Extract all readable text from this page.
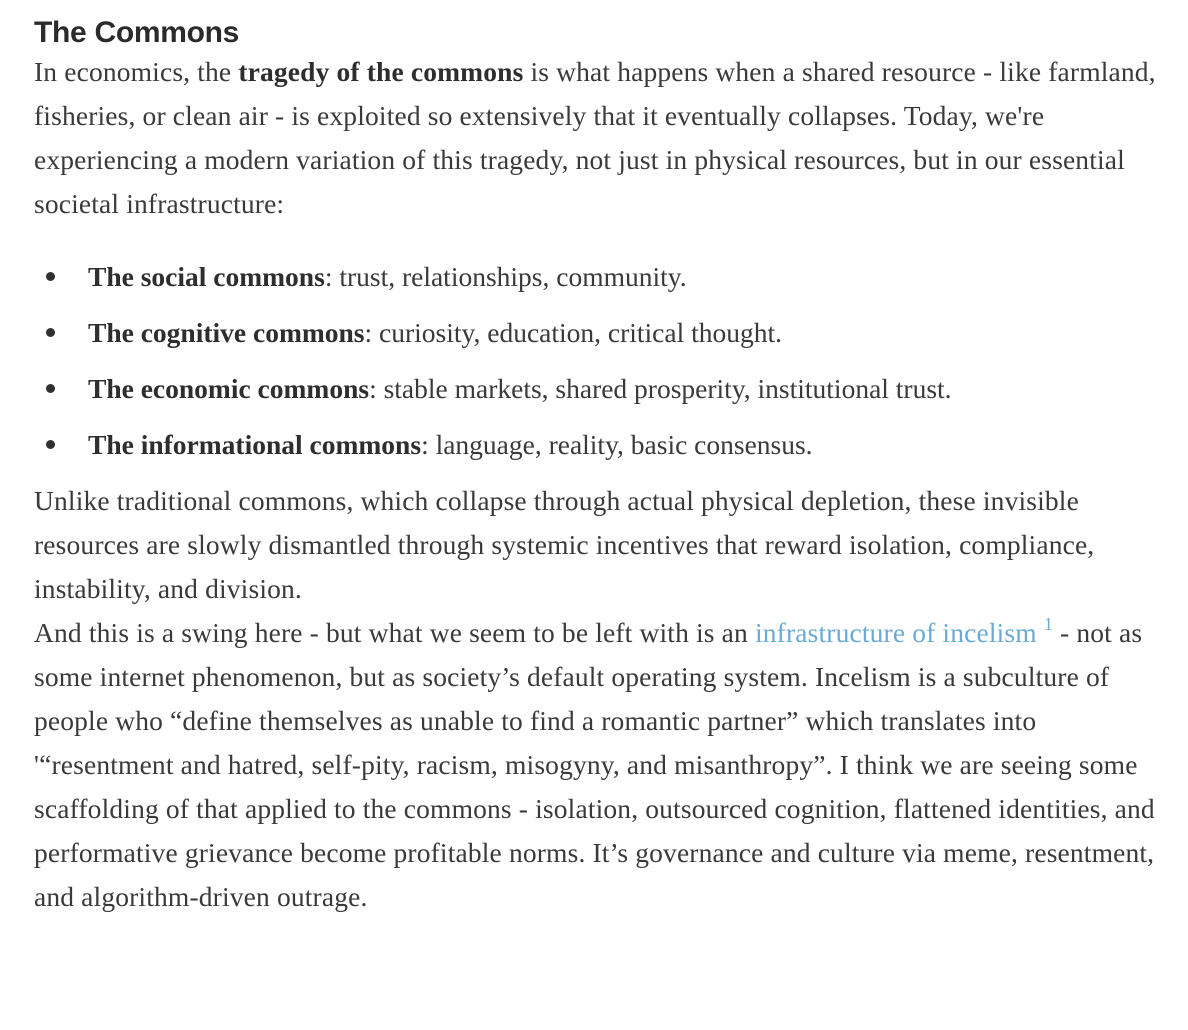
The Commons

In economics, the tragedy of the commons is what happens when a shared resource - like farmland, fisheries, or clean air - is exploited so extensively that it eventually collapses. Today, we're experiencing a modern variation of this tragedy, not just in physical resources, but in our essential societal infrastructure:

The social commons: trust, relationships, community.
The cognitive commons: curiosity, education, critical thought.
The economic commons: stable markets, shared prosperity, institutional trust.
The informational commons: language, reality, basic consensus.

Unlike traditional commons, which collapse through actual physical depletion, these invisible resources are slowly dismantled through systemic incentives that reward isolation, compliance, instability, and division.

And this is a swing here - but what we seem to be left with is an infrastructure of incelism $^1$ - not as some internet phenomenon, but as society’s default operating system. Incelism is a subculture of people who “define themselves as unable to find a romantic partner” which translates into '“resentment and hatred, self-pity, racism, misogyny, and misanthropy”. I think we are seeing some scaffolding of that applied to the commons - isolation, outsourced cognition, flattened identities, and performative grievance become profitable norms. It’s governance and culture via meme, resentment, and algorithm-driven outrage.
